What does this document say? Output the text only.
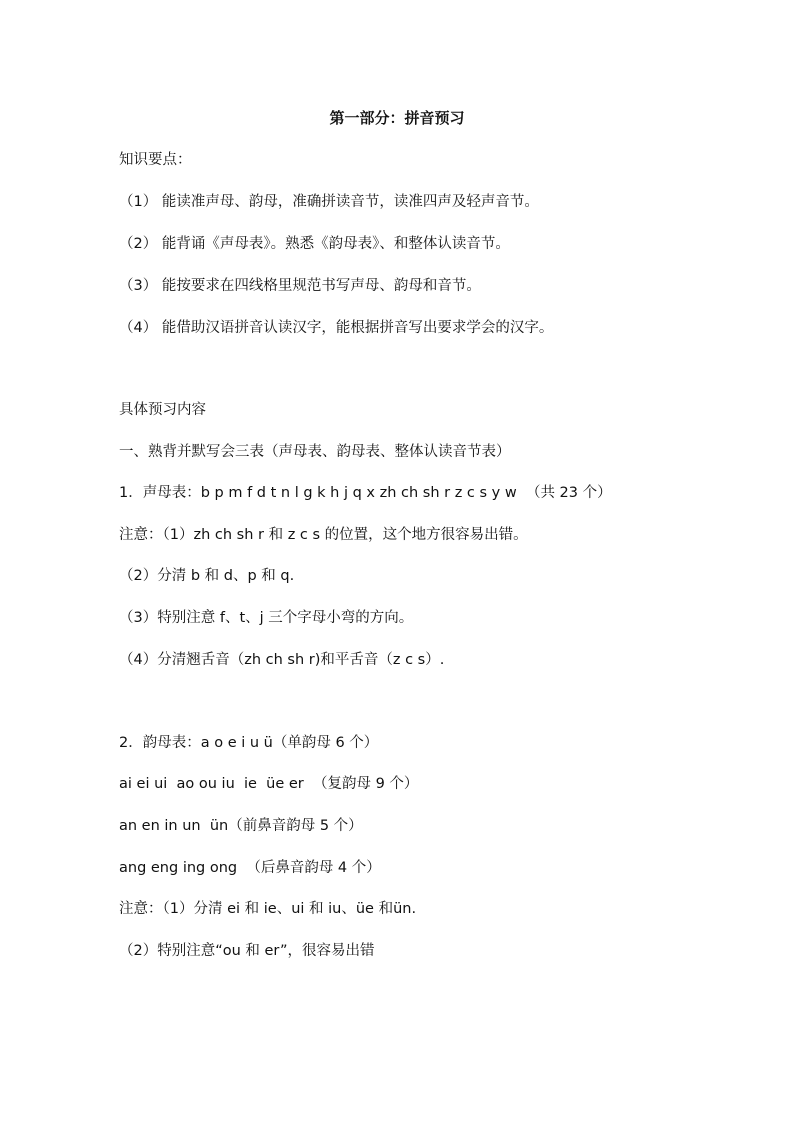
第一部分：拼音预习
知识要点：
（1） 能读准声母、韵母，准确拼读音节，读准四声及轻声音节。
（2） 能背诵《声母表》。熟悉《韵母表》、和整体认读音节。
（3） 能按要求在四线格里规范书写声母、韵母和音节。
（4） 能借助汉语拼音认读汉字，能根据拼音写出要求学会的汉字。
具体预习内容
一、熟背并默写会三表（声母表、韵母表、整体认读音节表）
1．声母表：b p m f d t n l g k h j q x zh ch sh r z c s y w  （共 23 个）
注意：（1）zh ch sh r 和 z c s 的位置，这个地方很容易出错。
（2）分清 b 和 d、p 和 q.
（3）特别注意 f、t、j 三个字母小弯的方向。
（4）分清翘舌音（zh ch sh r)和平舌音（z c s）.
2．韵母表：a o e i u ü（单韵母 6 个）
ai ei ui  ao ou iu  ie  üe er  （复韵母 9 个）
an en in un  ün（前鼻音韵母 5 个）
ang eng ing ong  （后鼻音韵母 4 个）
注意：（1）分清 ei 和 ie、ui 和 iu、üe 和ün.
（2）特别注意“ou 和 er”，很容易出错
